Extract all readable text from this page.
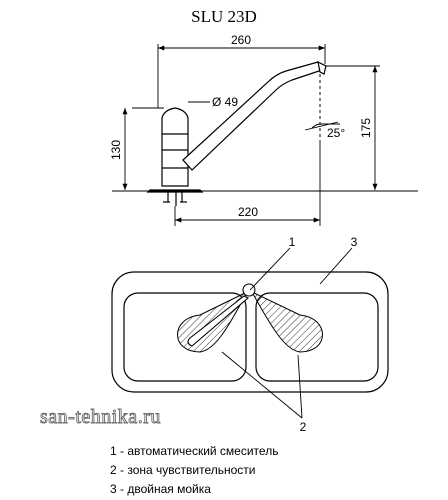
SLU 23D
260
Ø 49
130
175
25°
220
1	3
2
san-tehnika.ru
1 - автоматический смеситель
2 - зона чувствительности
3 - двойная мойка
